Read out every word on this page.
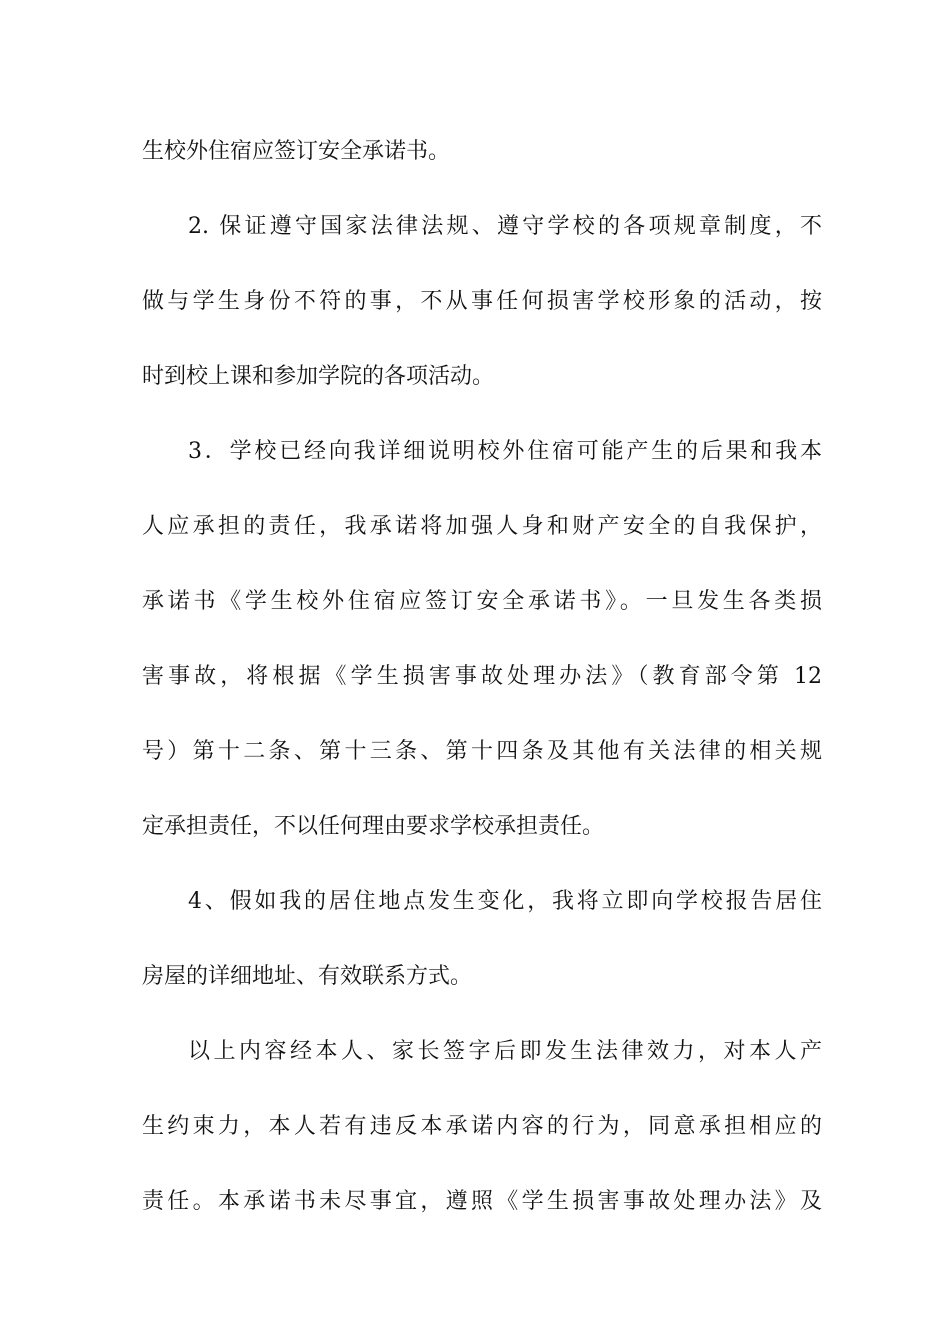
生校外住宿应签订安全承诺书。
2. 保证遵守国家法律法规、遵守学校的各项规章制度，不
做与学生身份不符的事，不从事任何损害学校形象的活动，按
时到校上课和参加学院的各项活动。
3．学校已经向我详细说明校外住宿可能产生的后果和我本
人应承担的责任，我承诺将加强人身和财产安全的自我保护，
承诺书《学生校外住宿应签订安全承诺书》。一旦发生各类损
害事故，将根据《学生损害事故处理办法》（教育部令第 12
号）第十二条、第十三条、第十四条及其他有关法律的相关规
定承担责任，不以任何理由要求学校承担责任。
4、假如我的居住地点发生变化，我将立即向学校报告居住
房屋的详细地址、有效联系方式。
以上内容经本人、家长签字后即发生法律效力，对本人产
生约束力，本人若有违反本承诺内容的行为，同意承担相应的
责任。本承诺书未尽事宜，遵照《学生损害事故处理办法》及
